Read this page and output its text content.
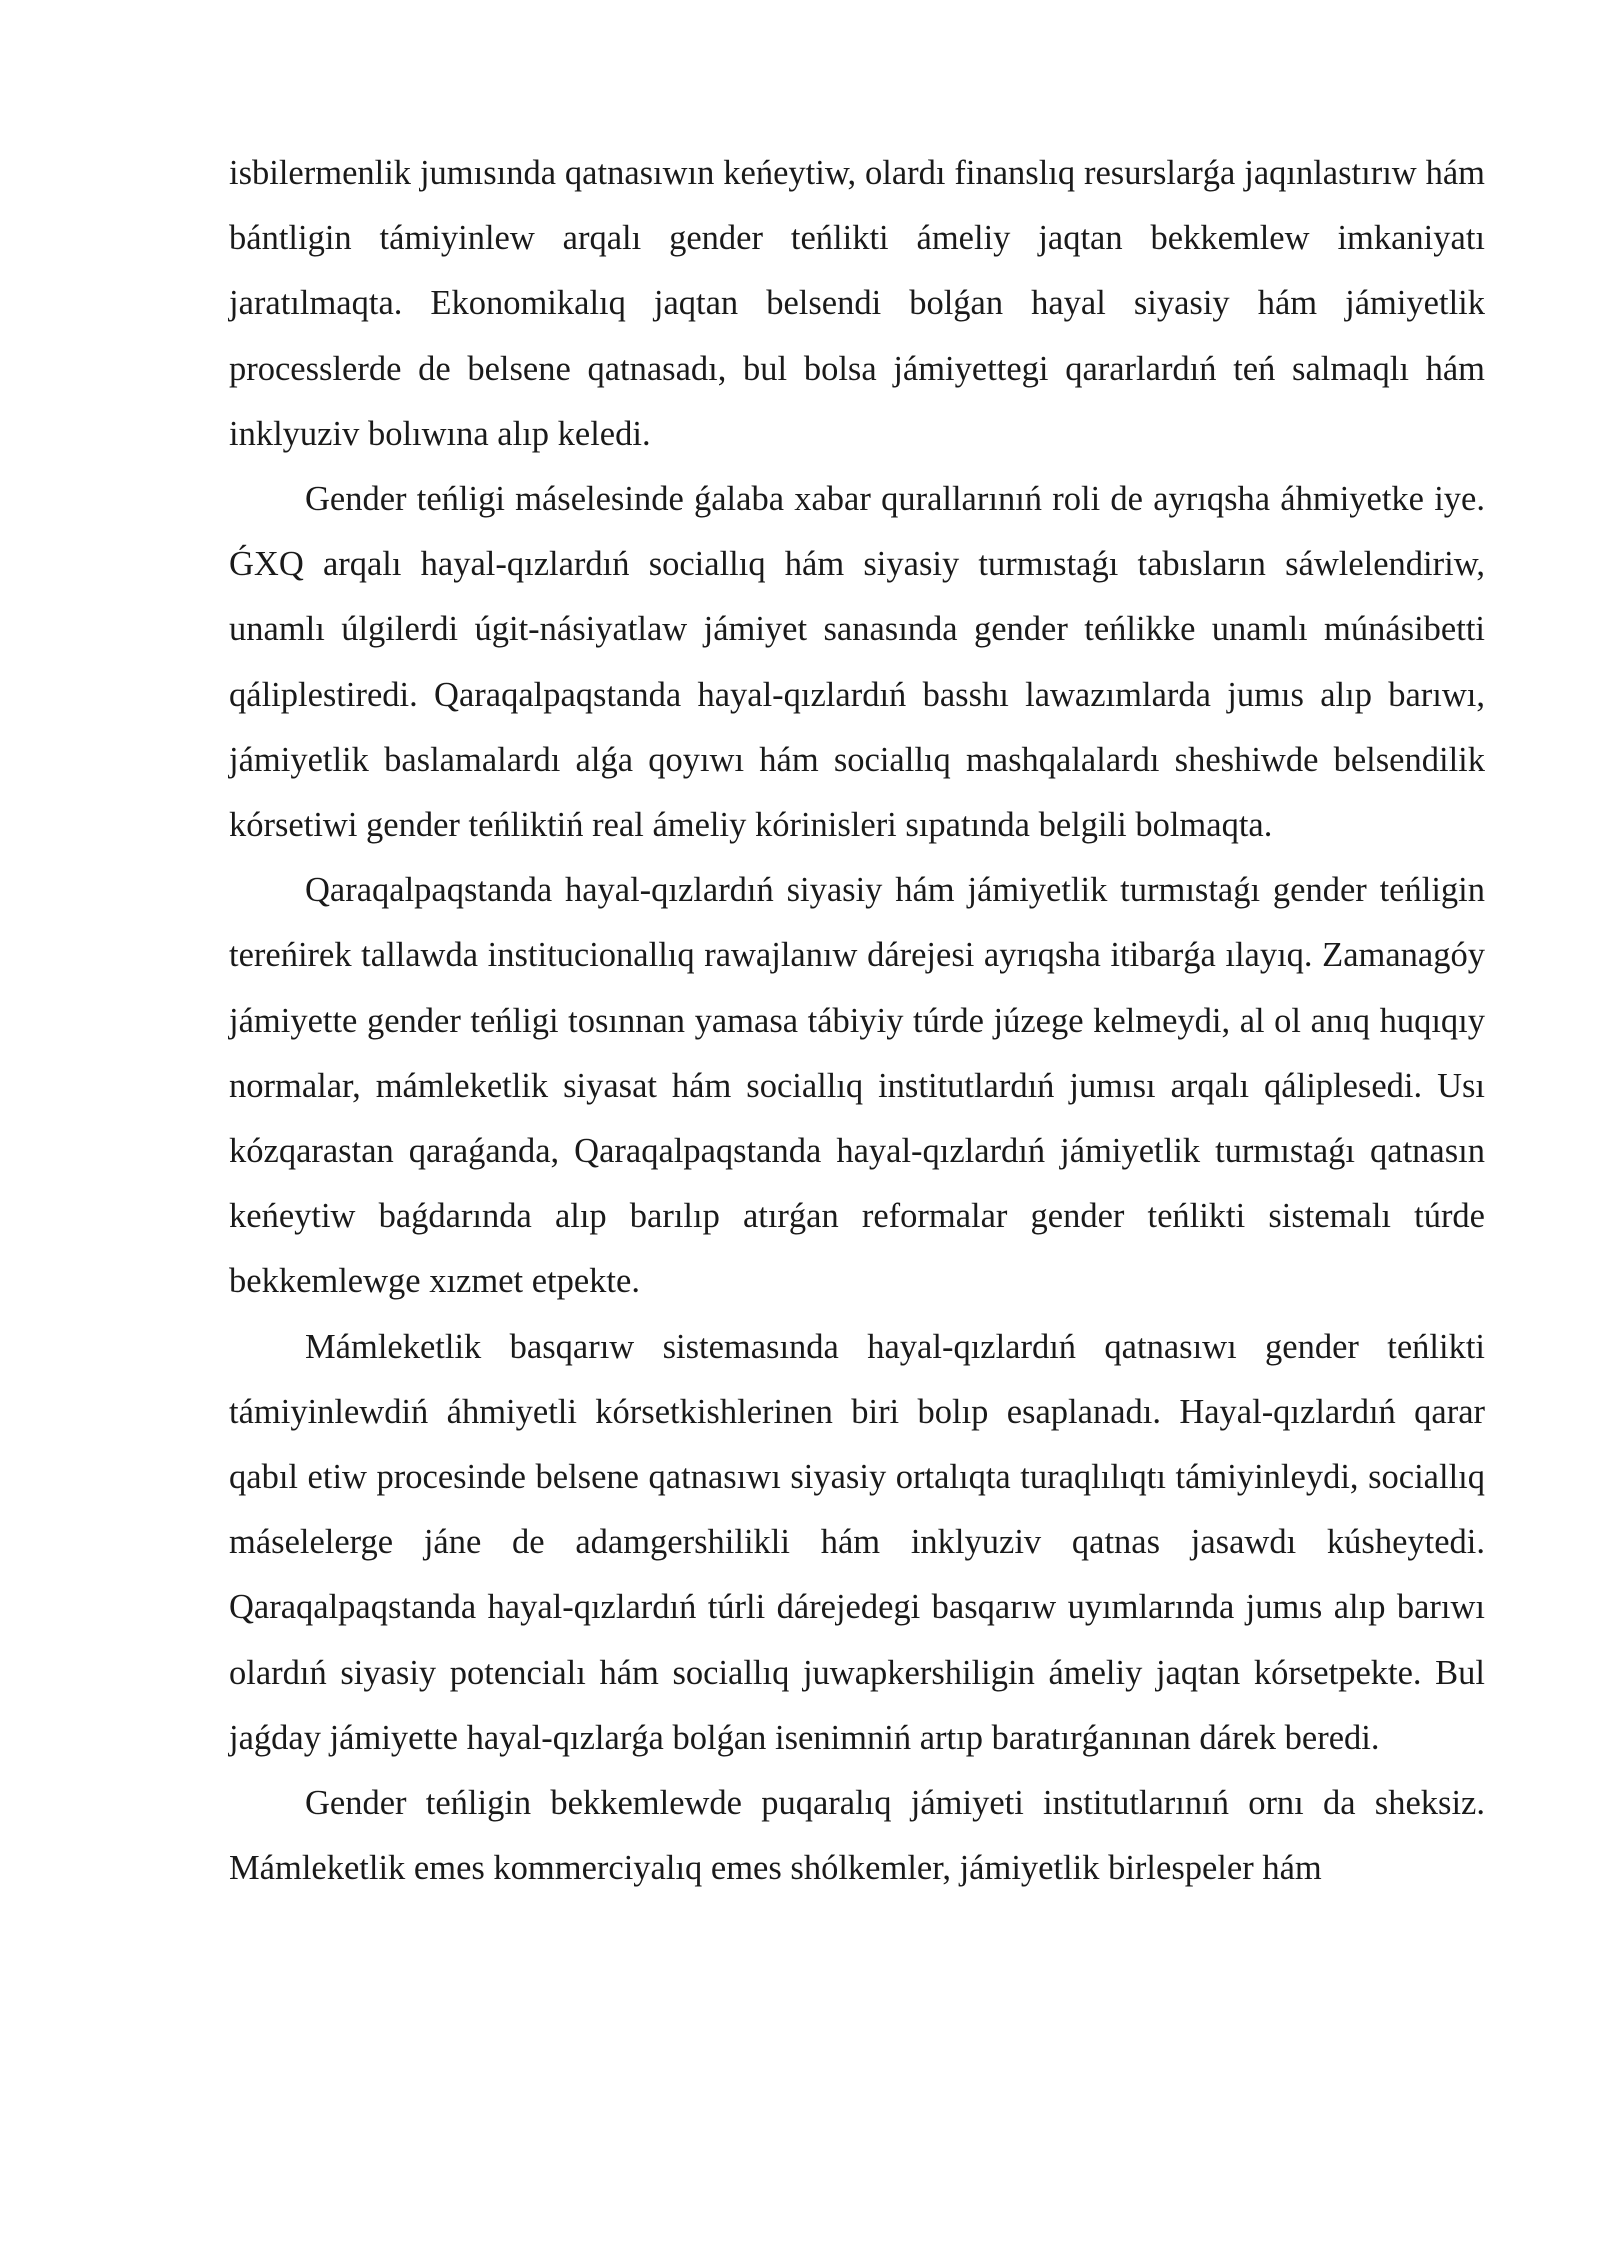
isbilermenlik jumısında qatnasıwın keńeytiw, olardı finanslıq resurslarǵa jaqınlastırıw hám bántligin támiyinlew arqalı gender teńlikti ámeliy jaqtan bekkemlew imkaniyatı jaratılmaqta. Ekonomikalıq jaqtan belsendi bolǵan hayal siyasiy hám jámiyetlik processlerde de belsene qatnasadı, bul bolsa jámiyettegi qararlardıń teń salmaqlı hám inklyuziv bolıwına alıp keledi.

Gender teńligi máselesinde ǵalaba xabar qurallarınıń roli de ayrıqsha áhmiyetke iye. ǴXQ arqalı hayal-qızlardıń sociallıq hám siyasiy turmıstaǵı tabısların sáwlelendiriw, unamlı úlgilerdi úgit-násiyatlaw jámiyet sanasında gender teńlikke unamlı múnásibetti qáliplestiredi. Qaraqalpaqstanda hayal-qızlardıń basshı lawazımlarda jumıs alıp barıwı, jámiyetlik baslamalardı alǵa qoyıwı hám sociallıq mashqalalardı sheshiwde belsendilik kórsetiwi gender teńliktiń real ámeliy kórinisleri sıpatında belgili bolmaqta.

Qaraqalpaqstanda hayal-qızlardıń siyasiy hám jámiyetlik turmıstaǵı gender teńligin tereńirek tallawda institucionallıq rawajlanıw dárejesi ayrıqsha itibarǵa ılayıq. Zamanagóy jámiyette gender teńligi tosınnan yamasa tábiyiy túrde júzege kelmeydi, al ol anıq huqıqıy normalar, mámleketlik siyasat hám sociallıq institutlardıń jumısı arqalı qáliplesedi. Usı kózqarastan qaraǵanda, Qaraqalpaqstanda hayal-qızlardıń jámiyetlik turmıstaǵı qatnasın keńeytiw baǵdarında alıp barılıp atırǵan reformalar gender teńlikti sistemalı túrde bekkemlewge xızmet etpekte.

Mámleketlik basqarıw sistemasında hayal-qızlardıń qatnasıwı gender teńlikti támiyinlewdiń áhmiyetli kórsetkishlerinen biri bolıp esaplanadı. Hayal-qızlardıń qarar qabıl etiw procesinde belsene qatnasıwı siyasiy ortalıqta turaqlılıqtı támiyinleydi, sociallıq máselelerge jáne de adamgershilikli hám inklyuziv qatnas jasawdı kúsheytedi. Qaraqalpaqstanda hayal-qızlardıń túrli dárejedegi basqarıw uyımlarında jumıs alıp barıwı olardıń siyasiy potencialı hám sociallıq juwapkershiligin ámeliy jaqtan kórsetpekte. Bul jaǵday jámiyette hayal-qızlarǵa bolǵan isenimniń artıp baratırǵanınan dárek beredi.

Gender teńligin bekkemlewde puqaralıq jámiyeti institutlarınıń ornı da sheksiz. Mámleketlik emes kommerciyalıq emes shólkemler, jámiyetlik birlespeler hám
